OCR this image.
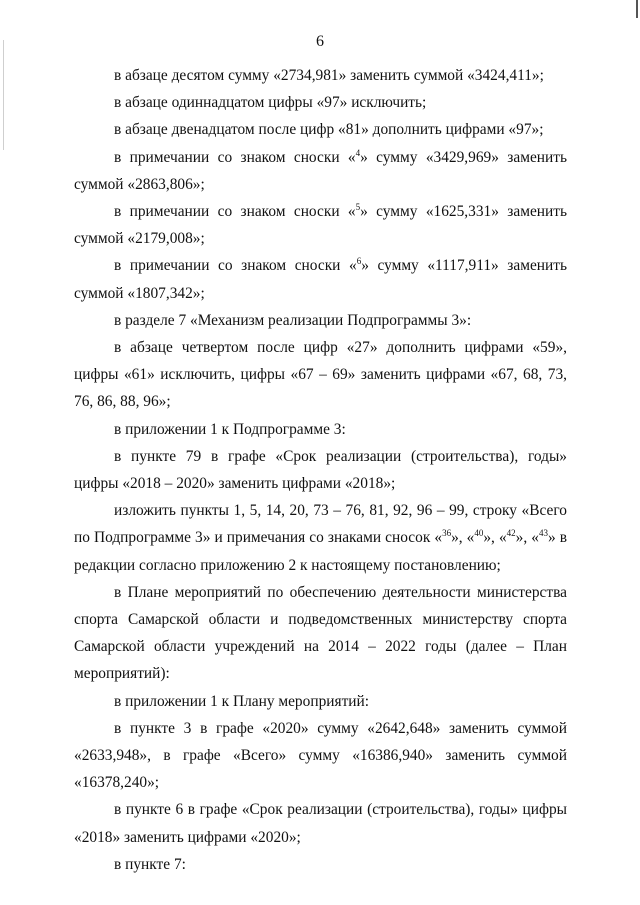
6

в абзаце десятом сумму «2734,981» заменить суммой «3424,411»;

в абзаце одиннадцатом цифры «97» исключить;

в абзаце двенадцатом после цифр «81» дополнить цифрами «97»;

в примечании со знаком сноски «$^4$» сумму «3429,969» заменить суммой «2863,806»;

в примечании со знаком сноски «$^5$» сумму «1625,331» заменить суммой «2179,008»;

в примечании со знаком сноски «$^6$» сумму «1117,911» заменить суммой «1807,342»;

в разделе 7 «Механизм реализации Подпрограммы 3»:

в абзаце четвертом после цифр «27» дополнить цифрами «59», цифры «61» исключить, цифры «67 – 69» заменить цифрами «67, 68, 73, 76, 86, 88, 96»;

в приложении 1 к Подпрограмме 3:

в пункте 79 в графе «Срок реализации (строительства), годы» цифры «2018 – 2020» заменить цифрами «2018»;

изложить пункты 1, 5, 14, 20, 73 – 76, 81, 92, 96 – 99, строку «Всего по Подпрограмме 3» и примечания со знаками сносок «$^{36}$», «$^{40}$», «$^{42}$», «$^{43}$» в редакции согласно приложению 2 к настоящему постановлению;

в Плане мероприятий по обеспечению деятельности министерства спорта Самарской области и подведомственных министерству спорта Самарской области учреждений на 2014 – 2022 годы (далее – План мероприятий):

в приложении 1 к Плану мероприятий:

в пункте 3 в графе «2020» сумму «2642,648» заменить суммой «2633,948», в графе «Всего» сумму «16386,940» заменить суммой «16378,240»;

в пункте 6 в графе «Срок реализации (строительства), годы» цифры «2018» заменить цифрами «2020»;

в пункте 7:
